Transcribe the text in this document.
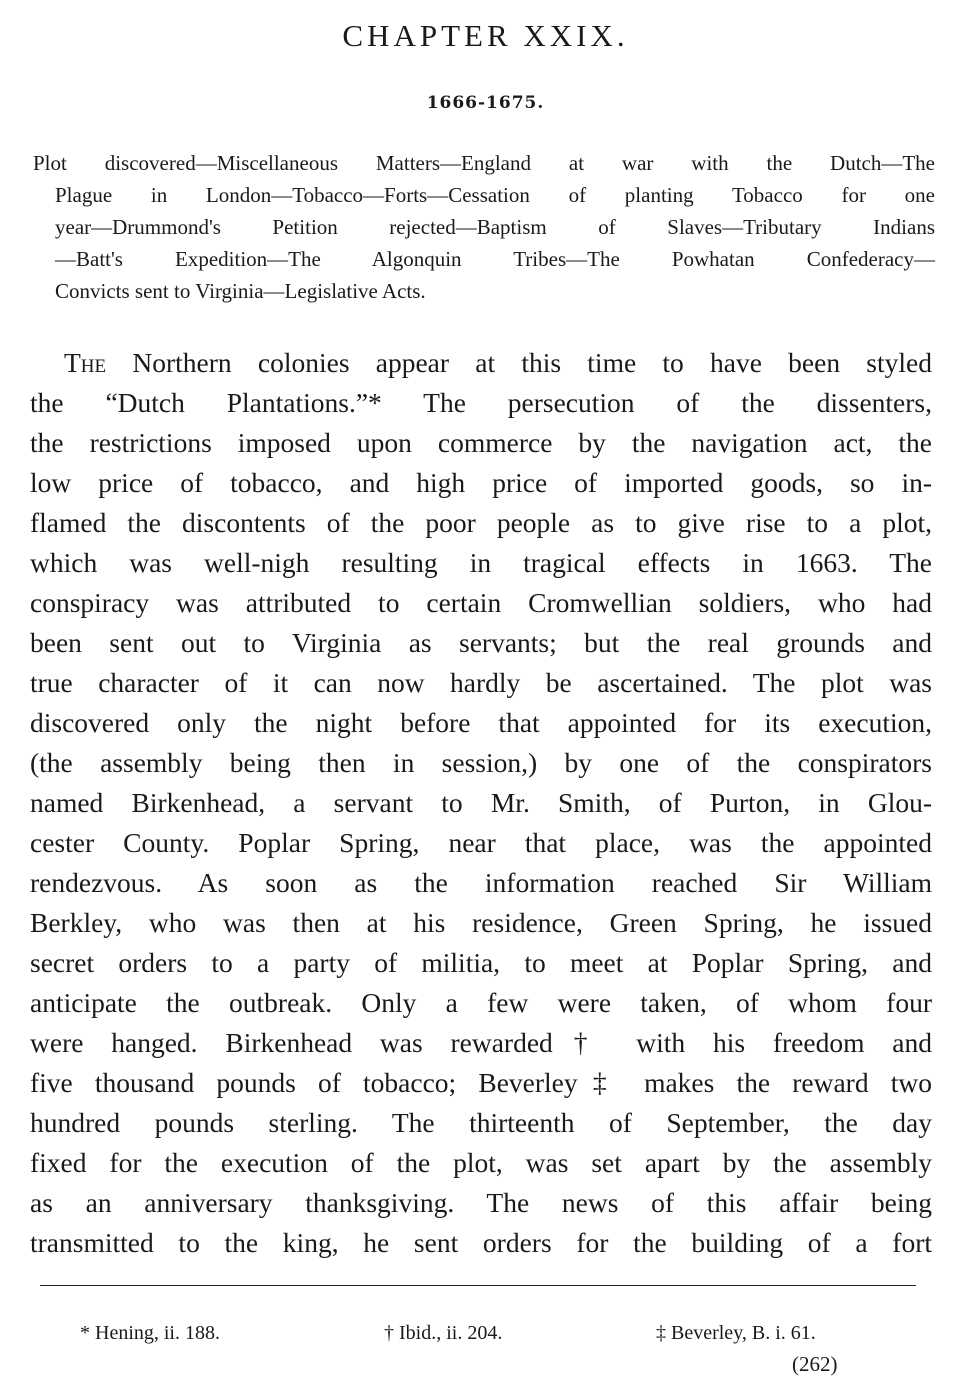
CHAPTER XXIX.
1666-1675.
Plot discovered—Miscellaneous Matters—England at war with the Dutch—The
Plague in London—Tobacco—Forts—Cessation of planting Tobacco for one
year—Drummond's Petition rejected—Baptism of Slaves—Tributary Indians
—Batt's Expedition—The Algonquin Tribes—The Powhatan Confederacy—
Convicts sent to Virginia—Legislative Acts.
The Northern colonies appear at this time to have been styled
the “Dutch Plantations.”* The persecution of the dissenters,
the restrictions imposed upon commerce by the navigation act, the
low price of tobacco, and high price of imported goods, so in-
flamed the discontents of the poor people as to give rise to a plot,
which was well-nigh resulting in tragical effects in 1663. The
conspiracy was attributed to certain Cromwellian soldiers, who had
been sent out to Virginia as servants; but the real grounds and
true character of it can now hardly be ascertained. The plot was
discovered only the night before that appointed for its execution,
(the assembly being then in session,) by one of the conspirators
named Birkenhead, a servant to Mr. Smith, of Purton, in Glou-
cester County. Poplar Spring, near that place, was the appointed
rendezvous. As soon as the information reached Sir William
Berkley, who was then at his residence, Green Spring, he issued
secret orders to a party of militia, to meet at Poplar Spring, and
anticipate the outbreak. Only a few were taken, of whom four
were hanged. Birkenhead was rewarded† with his freedom and
five thousand pounds of tobacco; Beverley‡ makes the reward two
hundred pounds sterling. The thirteenth of September, the day
fixed for the execution of the plot, was set apart by the assembly
as an anniversary thanksgiving. The news of this affair being
transmitted to the king, he sent orders for the building of a fort
* Hening, ii. 188.	† Ibid., ii. 204.	‡ Beverley, B. i. 61.
(262)
